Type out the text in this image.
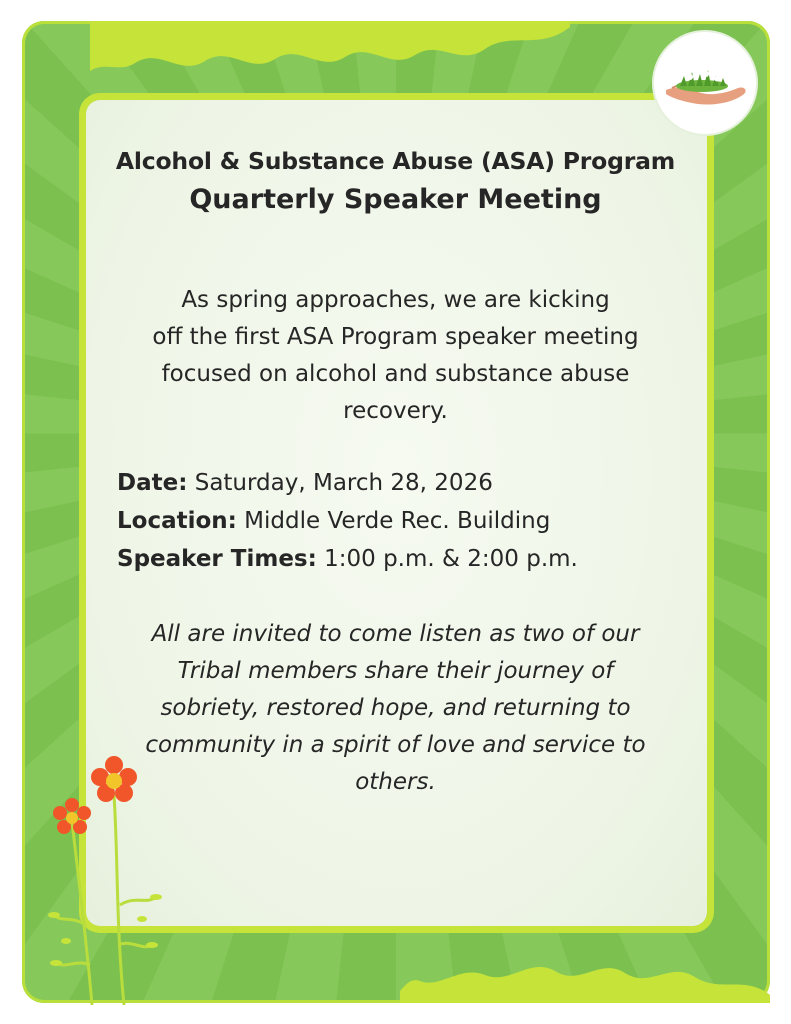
Alcohol & Substance Abuse (ASA) Program
Quarterly Speaker Meeting
As spring approaches, we are kicking
off the first ASA Program speaker meeting
focused on alcohol and substance abuse
recovery.
Date: Saturday, March 28, 2026
Location: Middle Verde Rec. Building
Speaker Times: 1:00 p.m. & 2:00 p.m.
All are invited to come listen as two of our
Tribal members share their journey of
sobriety, restored hope, and returning to
community in a spirit of love and service to
others.
